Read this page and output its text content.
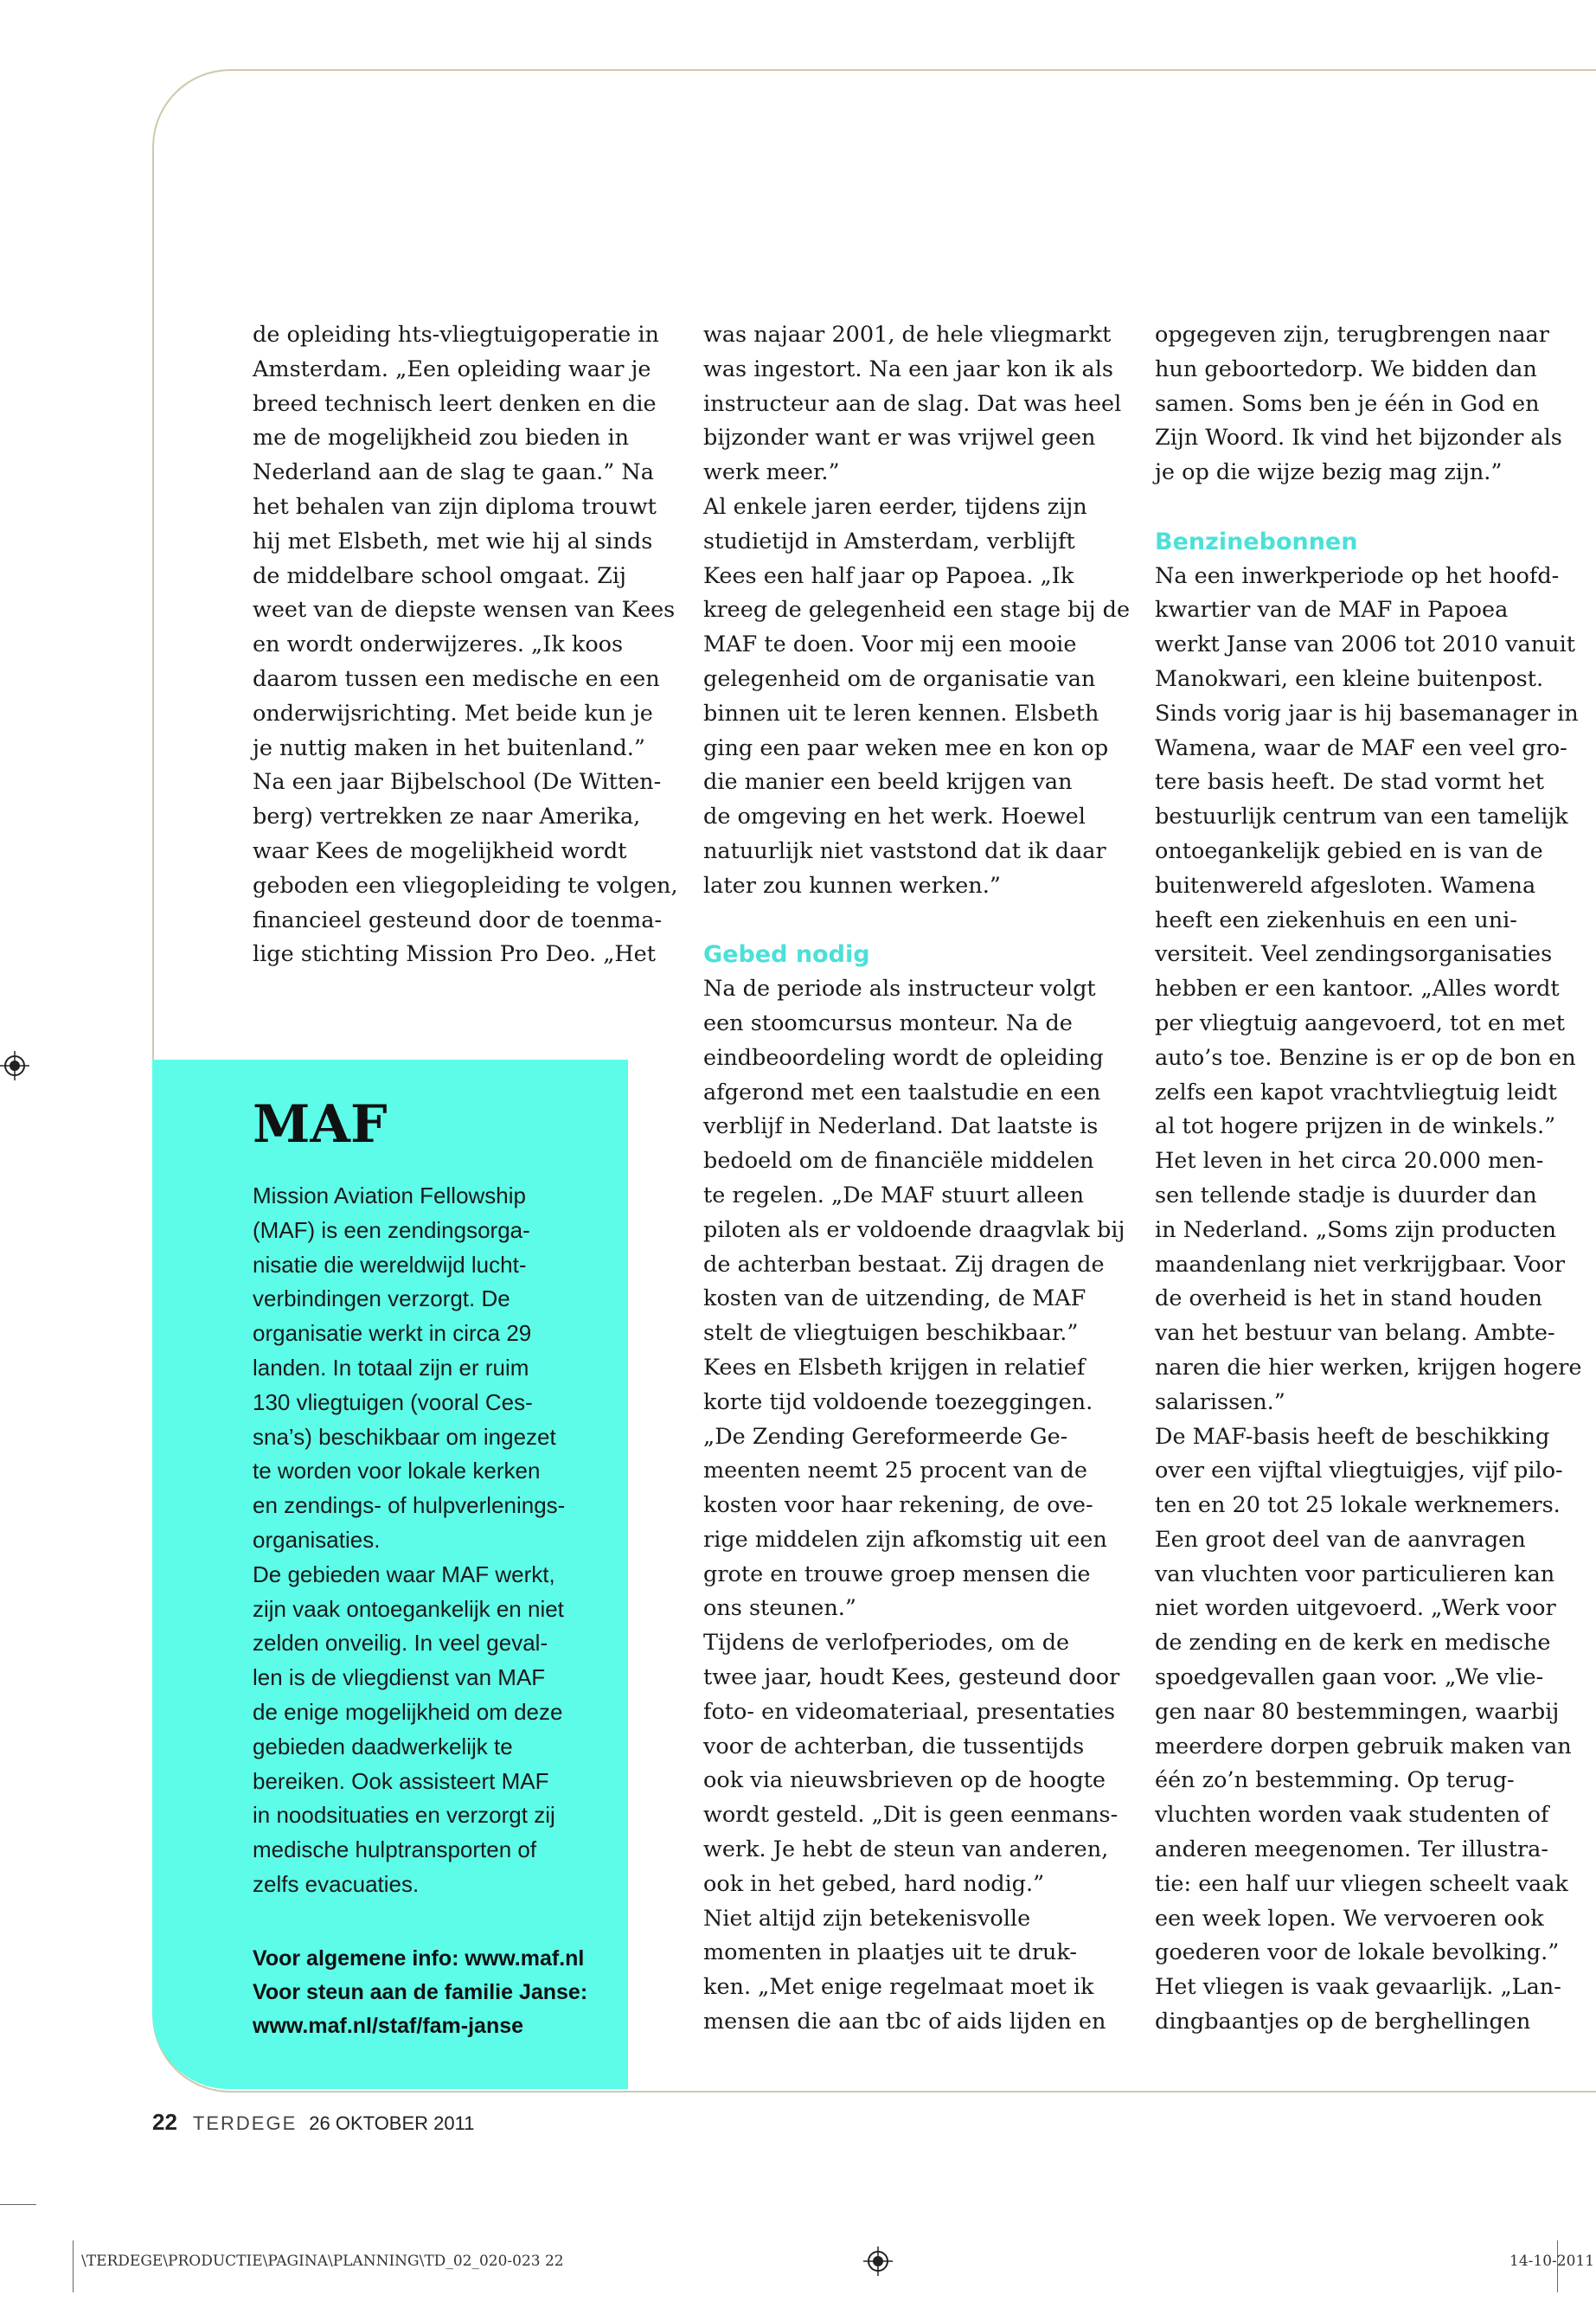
de opleiding hts-vliegtuigoperatie in
Amsterdam. „Een opleiding waar je
breed technisch leert denken en die
me de mogelijkheid zou bieden in
Nederland aan de slag te gaan.” Na
het behalen van zijn diploma trouwt
hij met Elsbeth, met wie hij al sinds
de middelbare school omgaat. Zij
weet van de diepste wensen van Kees
en wordt onderwijzeres. „Ik koos
daarom tussen een medische en een
onderwijsrichting. Met beide kun je
je nuttig maken in het buitenland.”
Na een jaar Bijbelschool (De Witten-
berg) vertrekken ze naar Amerika,
waar Kees de mogelijkheid wordt
geboden een vliegopleiding te volgen,
financieel gesteund door de toenma-
lige stichting Mission Pro Deo. „Het
was najaar 2001, de hele vliegmarkt
was ingestort. Na een jaar kon ik als
instructeur aan de slag. Dat was heel
bijzonder want er was vrijwel geen
werk meer.”
Al enkele jaren eerder, tijdens zijn
studietijd in Amsterdam, verblijft
Kees een half jaar op Papoea. „Ik
kreeg de gelegenheid een stage bij de
MAF te doen. Voor mij een mooie
gelegenheid om de organisatie van
binnen uit te leren kennen. Elsbeth
ging een paar weken mee en kon op
die manier een beeld krijgen van
de omgeving en het werk. Hoewel
natuurlijk niet vaststond dat ik daar
later zou kunnen werken.”
Gebed nodig
Na de periode als instructeur volgt
een stoomcursus monteur. Na de
eindbeoordeling wordt de opleiding
afgerond met een taalstudie en een
verblijf in Nederland. Dat laatste is
bedoeld om de financiële middelen
te regelen. „De MAF stuurt alleen
piloten als er voldoende draagvlak bij
de achterban bestaat. Zij dragen de
kosten van de uitzending, de MAF
stelt de vliegtuigen beschikbaar.”
Kees en Elsbeth krijgen in relatief
korte tijd voldoende toezeggingen.
„De Zending Gereformeerde Ge-
meenten neemt 25 procent van de
kosten voor haar rekening, de ove-
rige middelen zijn afkomstig uit een
grote en trouwe groep mensen die
ons steunen.”
Tijdens de verlofperiodes, om de
twee jaar, houdt Kees, gesteund door
foto- en videomateriaal, presentaties
voor de achterban, die tussentijds
ook via nieuwsbrieven op de hoogte
wordt gesteld. „Dit is geen eenmans-
werk. Je hebt de steun van anderen,
ook in het gebed, hard nodig.”
Niet altijd zijn betekenisvolle
momenten in plaatjes uit te druk-
ken. „Met enige regelmaat moet ik
mensen die aan tbc of aids lijden en
opgegeven zijn, terugbrengen naar
hun geboortedorp. We bidden dan
samen. Soms ben je één in God en
Zijn Woord. Ik vind het bijzonder als
je op die wijze bezig mag zijn.”
Benzinebonnen
Na een inwerkperiode op het hoofd-
kwartier van de MAF in Papoea
werkt Janse van 2006 tot 2010 vanuit
Manokwari, een kleine buitenpost.
Sinds vorig jaar is hij basemanager in
Wamena, waar de MAF een veel gro-
tere basis heeft. De stad vormt het
bestuurlijk centrum van een tamelijk
ontoegankelijk gebied en is van de
buitenwereld afgesloten. Wamena
heeft een ziekenhuis en een uni-
versiteit. Veel zendingsorganisaties
hebben er een kantoor. „Alles wordt
per vliegtuig aangevoerd, tot en met
auto’s toe. Benzine is er op de bon en
zelfs een kapot vrachtvliegtuig leidt
al tot hogere prijzen in de winkels.”
Het leven in het circa 20.000 men-
sen tellende stadje is duurder dan
in Nederland. „Soms zijn producten
maandenlang niet verkrijgbaar. Voor
de overheid is het in stand houden
van het bestuur van belang. Ambte-
naren die hier werken, krijgen hogere
salarissen.”
De MAF-basis heeft de beschikking
over een vijftal vliegtuigjes, vijf pilo-
ten en 20 tot 25 lokale werknemers.
Een groot deel van de aanvragen
van vluchten voor particulieren kan
niet worden uitgevoerd. „Werk voor
de zending en de kerk en medische
spoedgevallen gaan voor. „We vlie-
gen naar 80 bestemmingen, waarbij
meerdere dorpen gebruik maken van
één zo’n bestemming. Op terug-
vluchten worden vaak studenten of
anderen meegenomen. Ter illustra-
tie: een half uur vliegen scheelt vaak
een week lopen. We vervoeren ook
goederen voor de lokale bevolking.”
Het vliegen is vaak gevaarlijk. „Lan-
dingbaantjes op de berghellingen
MAF
Mission Aviation Fellowship
(MAF) is een zendingsorga-
nisatie die wereldwijd lucht-
verbindingen verzorgt. De
organisatie werkt in circa 29
landen. In totaal zijn er ruim
130 vliegtuigen (vooral Ces-
sna’s) beschikbaar om ingezet
te worden voor lokale kerken
en zendings- of hulpverlenings-
organisaties.
De gebieden waar MAF werkt,
zijn vaak ontoegankelijk en niet
zelden onveilig. In veel geval-
len is de vliegdienst van MAF
de enige mogelijkheid om deze
gebieden daadwerkelijk te
bereiken. Ook assisteert MAF
in noodsituaties en verzorgt zij
medische hulptransporten of
zelfs evacuaties.
Voor algemene info: www.maf.nl
Voor steun aan de familie Janse:
www.maf.nl/staf/fam-janse
22 TERDEGE 26 OKTOBER 2011
\TERDEGE\PRODUCTIE\PAGINA\PLANNING\TD_02_020-023 22	14-10-2011
